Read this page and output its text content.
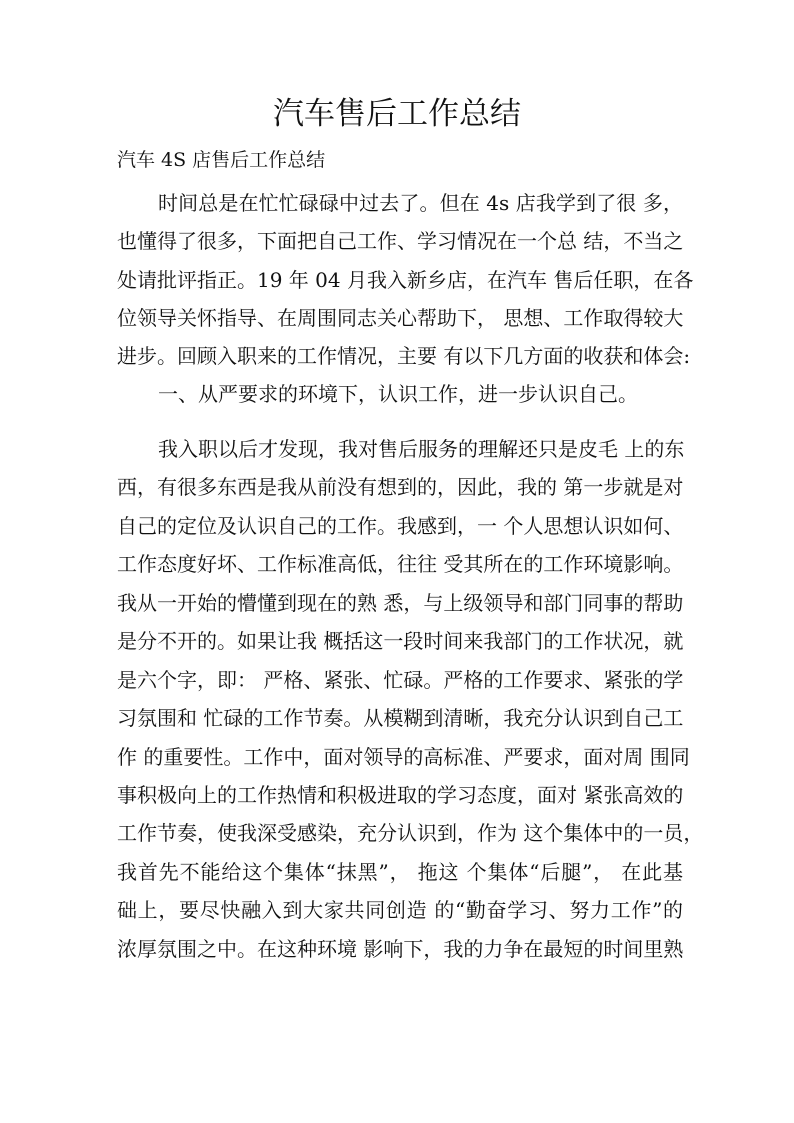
汽车售后工作总结
汽车 4S 店售后工作总结
时间总是在忙忙碌碌中过去了。但在 4s 店我学到了很 多，
也懂得了很多，下面把自己工作、学习情况在一个总 结，不当之
处请批评指正。19 年 04 月我入新乡店，在汽车 售后任职，在各
位领导关怀指导、在周围同志关心帮助下， 思想、工作取得较大
进步。回顾入职来的工作情况，主要 有以下几方面的收获和体会:
一、从严要求的环境下，认识工作，进一步认识自己。
我入职以后才发现，我对售后服务的理解还只是皮毛 上的东
西，有很多东西是我从前没有想到的，因此，我的 第一步就是对
自己的定位及认识自己的工作。我感到，一 个人思想认识如何、
工作态度好坏、工作标准高低，往往 受其所在的工作环境影响。
我从一开始的懵懂到现在的熟 悉，与上级领导和部门同事的帮助
是分不开的。如果让我 概括这一段时间来我部门的工作状况，就
是六个字，即： 严格、紧张、忙碌。严格的工作要求、紧张的学
习氛围和 忙碌的工作节奏。从模糊到清晰，我充分认识到自己工
作 的重要性。工作中，面对领导的高标准、严要求，面对周 围同
事积极向上的工作热情和积极进取的学习态度，面对 紧张高效的
工作节奏，使我深受感染，充分认识到，作为 这个集体中的一员，
我首先不能给这个集体“抹黑”， 拖这 个集体“后腿”， 在此基
础上，要尽快融入到大家共同创造 的“勤奋学习、努力工作”的
浓厚氛围之中。在这种环境 影响下，我的力争在最短的时间里熟
